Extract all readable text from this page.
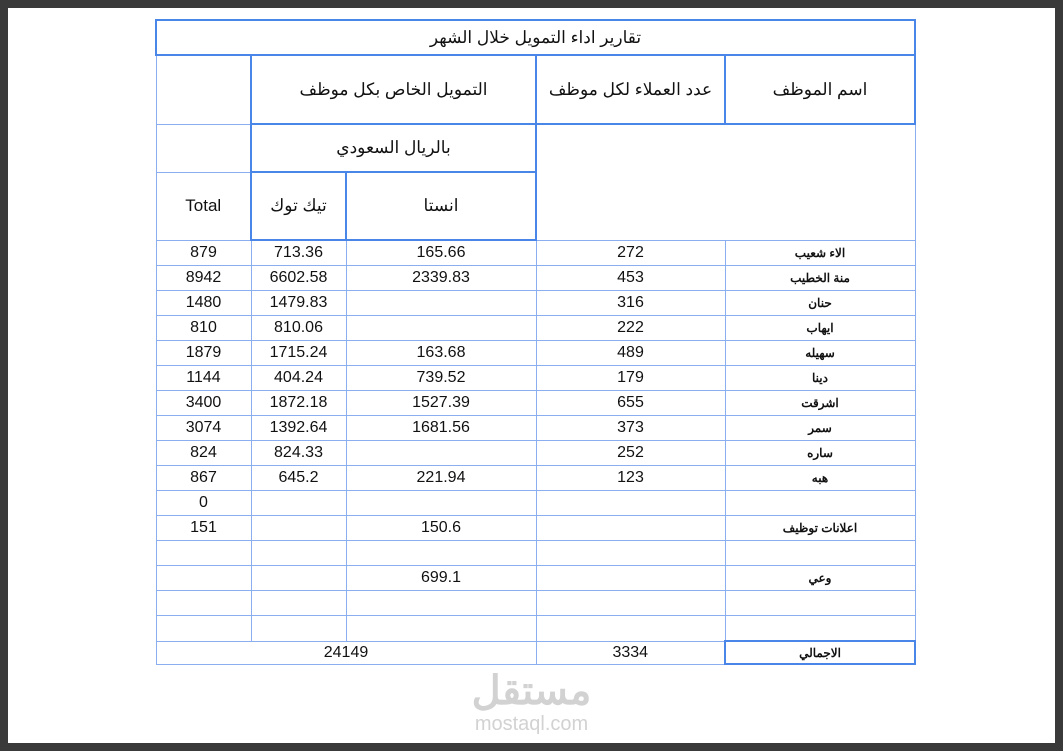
تقارير اداء التمويل خلال الشهر				
	التمويل الخاص بكل موظف		عدد العملاء لكل موظف	اسم الموظف
	بالريال السعودي			
Total	تيك توك	انستا		
879	713.36	165.66	272	الاء شعيب
8942	6602.58	2339.83	453	منة الخطيب
1480	1479.83		316	حنان
810	810.06		222	ايهاب
1879	1715.24	163.68	489	سهيله
1144	404.24	739.52	179	دينا
3400	1872.18	1527.39	655	اشرقت
3074	1392.64	1681.56	373	سمر
824	824.33		252	ساره
867	645.2	221.94	123	هبه
0				
151		150.6		اعلانات توظيف

		699.1		وعي

24149			3334	الاجمالي
مستقل
mostaql.com
